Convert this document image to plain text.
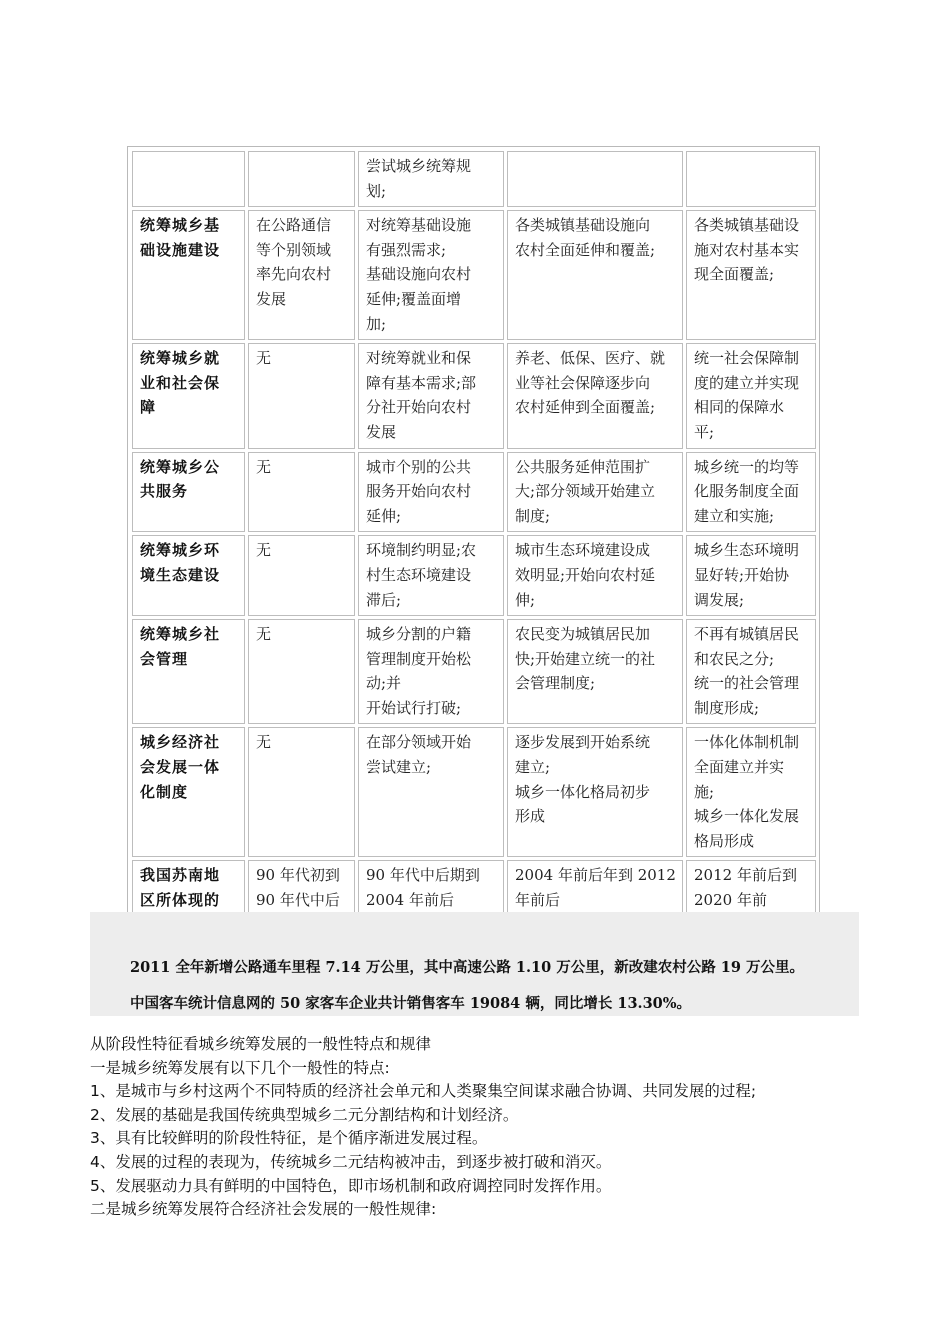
		尝试城乡统筹规
划;		

统筹城乡基
础设施建设	在公路通信
等个别领域
率先向农村
发展	对统筹基础设施
有强烈需求;
基础设施向农村
延伸;覆盖面增
加;	各类城镇基础设施向
农村全面延伸和覆盖;	各类城镇基础设
施对农村基本实
现全面覆盖;

统筹城乡就
业和社会保
障	无	对统筹就业和保
障有基本需求;部
分社开始向农村
发展	养老、低保、医疗、就
业等社会保障逐步向
农村延伸到全面覆盖;	统一社会保障制
度的建立并实现
相同的保障水
平;

统筹城乡公
共服务	无	城市个别的公共
服务开始向农村
延伸;	公共服务延伸范围扩
大;部分领域开始建立
制度;	城乡统一的均等
化服务制度全面
建立和实施;

统筹城乡环
境生态建设	无	环境制约明显;农
村生态环境建设
滞后;	城市生态环境建设成
效明显;开始向农村延
伸;	城乡生态环境明
显好转;开始协
调发展;

统筹城乡社
会管理	无	城乡分割的户籍
管理制度开始松
动;并
开始试行打破;	农民变为城镇居民加
快;开始建立统一的社
会管理制度;	不再有城镇居民
和农民之分;
统一的社会管理
制度形成;

城乡经济社
会发展一体
化制度	无	在部分领域开始
尝试建立;	逐步发展到开始系统
建立;
城乡一体化格局初步
形成	一体化体制机制
全面建立并实
施;
城乡一体化发展
格局形成

我国苏南地
区所体现的	90 年代初到
90 年代中后	90 年代中后期到
2004 年前后	2004 年前后年到 2012
年前后	2012 年前后到
2020 年前
2011 全年新增公路通车里程 7.14 万公里，其中高速公路 1.10 万公里，新改建农村公路 19 万公里。
中国客车统计信息网的 50 家客车企业共计销售客车 19084 辆，同比增长 13.30%。

从阶段性特征看城乡统筹发展的一般性特点和规律

一是城乡统筹发展有以下几个一般性的特点:

1、是城市与乡村这两个不同特质的经济社会单元和人类聚集空间谋求融合协调、共同发展的过程;

2、发展的基础是我国传统典型城乡二元分割结构和计划经济。

3、具有比较鲜明的阶段性特征，是个循序渐进发展过程。

4、发展的过程的表现为，传统城乡二元结构被冲击，到逐步被打破和消灭。

5、发展驱动力具有鲜明的中国特色，即市场机制和政府调控同时发挥作用。

二是城乡统筹发展符合经济社会发展的一般性规律:
